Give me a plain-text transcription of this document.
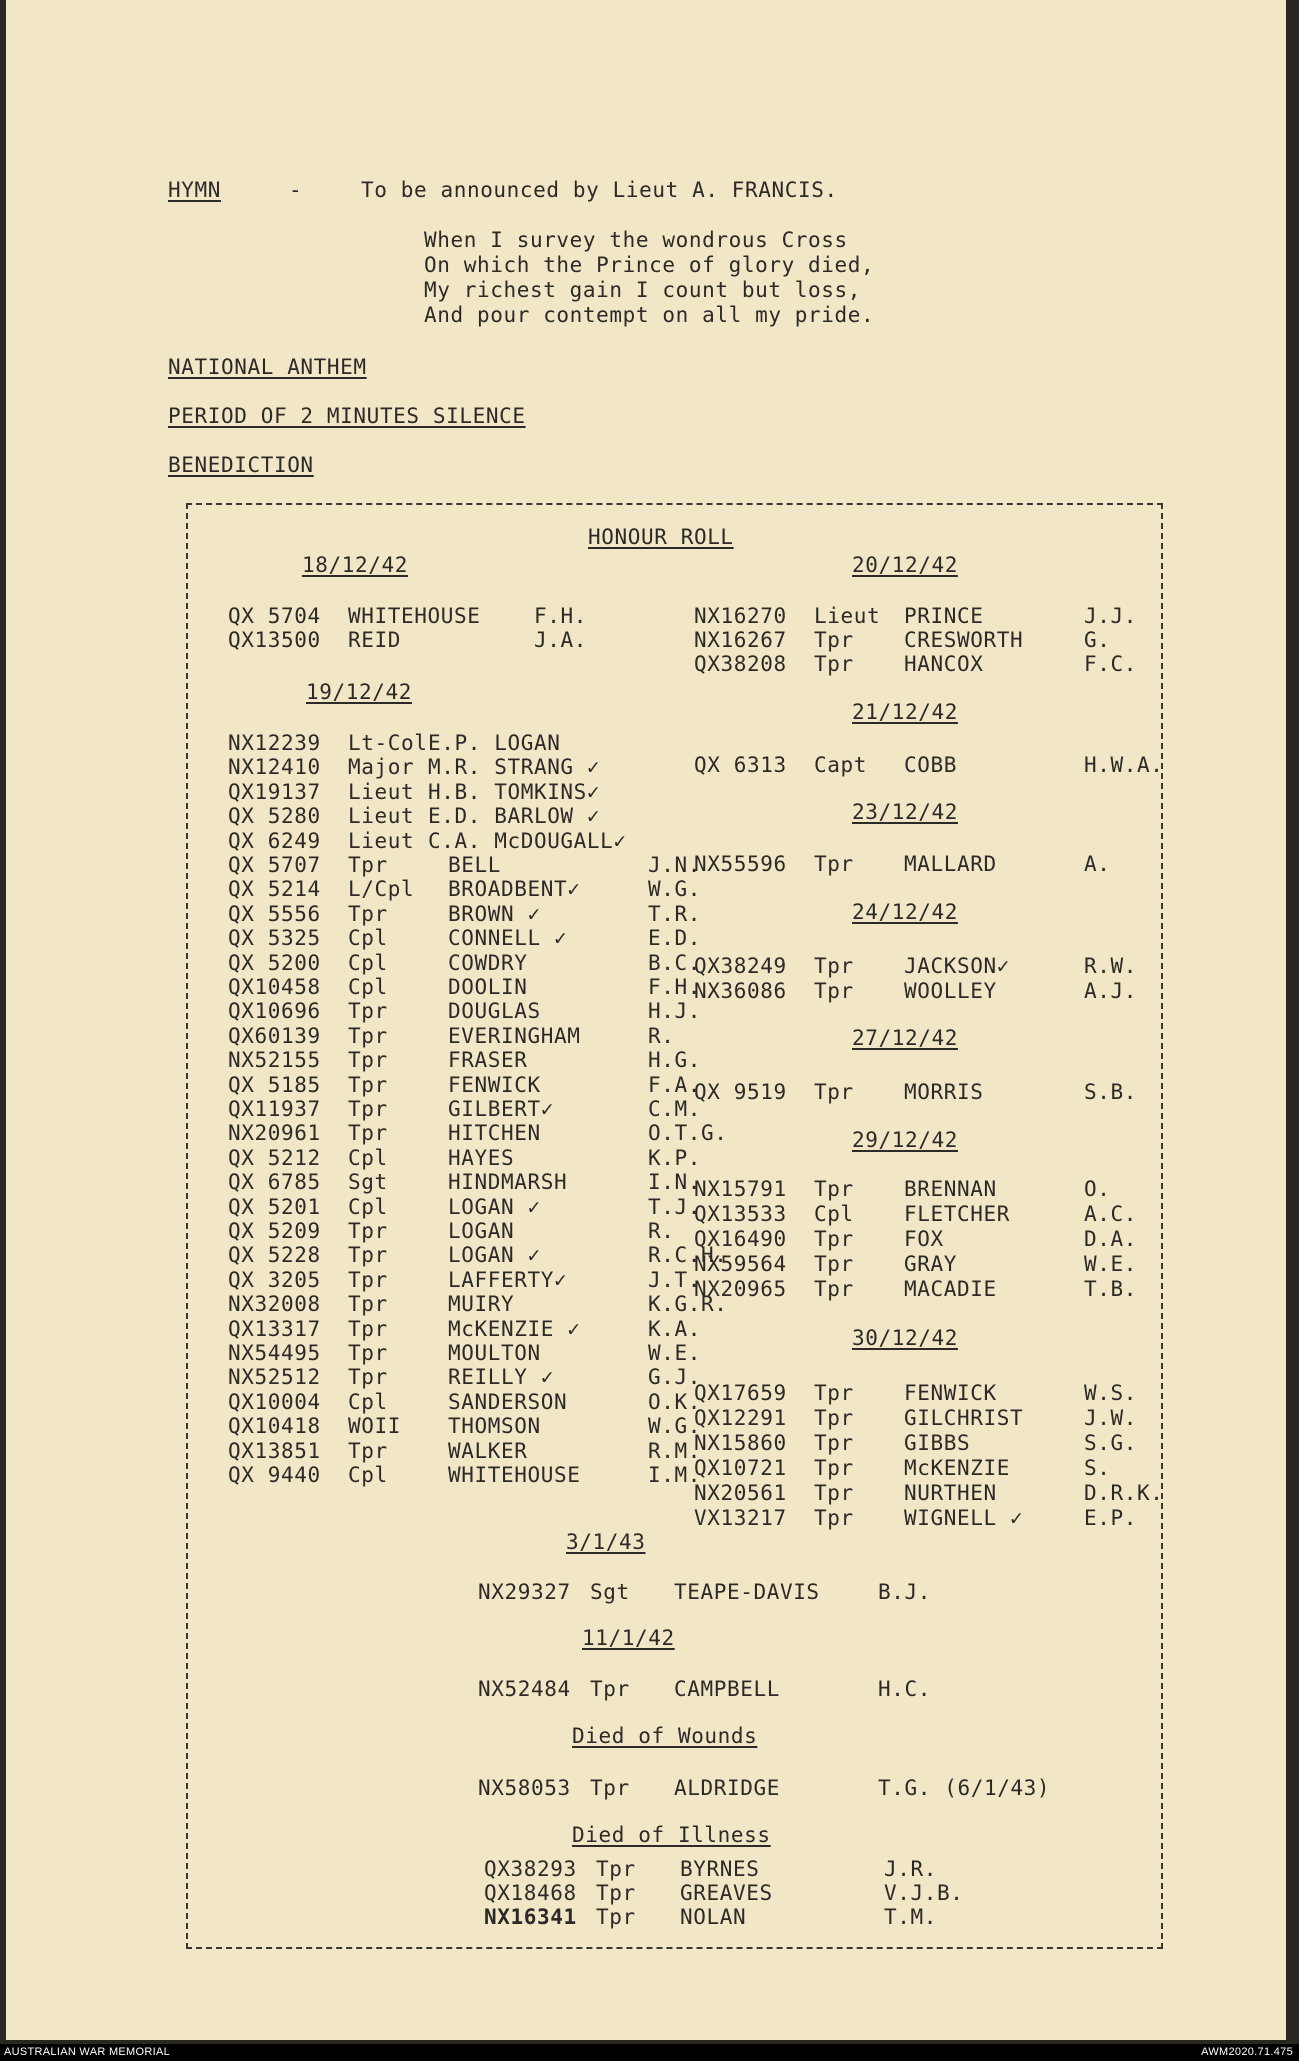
HYMN	-	To be announced by Lieut A. FRANCIS.
When I survey the wondrous Cross
On which the Prince of glory died,
My richest gain I count but loss,
And pour contempt on all my pride.
NATIONAL ANTHEM
PERIOD OF 2 MINUTES SILENCE
BENEDICTION
HONOUR ROLL
18/12/42
QX 5704 WHITEHOUSE	F.H.
QX13500 REID	J.A.
19/12/42
NX12239 Lt-Col E.P. LOGAN
NX12410 Major M.R. STRANG ✓
QX19137 Lieut H.B. TOMKINS✓
QX 5280 Lieut E.D. BARLOW ✓
QX 6249 Lieut C.A. McDOUGALL✓
QX 5707 Tpr	BELL	J.N.
QX 5214 L/Cpl BROADBENT✓	W.G.
QX 5556 Tpr	BROWN ✓	T.R.
QX 5325 Cpl	CONNELL ✓	E.D.
QX 5200 Cpl	COWDRY	B.C.
QX10458 Cpl	DOOLIN	F.H.
QX10696 Tpr	DOUGLAS	H.J.
QX60139 Tpr	EVERINGHAM	R.
NX52155 Tpr	FRASER	H.G.
QX 5185 Tpr	FENWICK	F.A.
QX11937 Tpr	GILBERT✓	C.M.
NX20961 Tpr	HITCHEN	O.T.G.
QX 5212 Cpl	HAYES	K.P.
QX 6785 Sgt	HINDMARSH	I.N.
QX 5201 Cpl	LOGAN ✓	T.J.
QX 5209 Tpr	LOGAN	R.
QX 5228 Tpr	LOGAN ✓	R.C.H.
QX 3205 Tpr	LAFFERTY✓	J.T.
NX32008 Tpr	MUIRY	K.G.R.
QX13317 Tpr	McKENZIE ✓	K.A.
NX54495 Tpr	MOULTON	W.E.
NX52512 Tpr	REILLY ✓	G.J.
QX10004 Cpl	SANDERSON	O.K.
QX10418 WOII THOMSON	W.G.
QX13851 Tpr	WALKER	R.M.
QX 9440 Cpl	WHITEHOUSE	I.M.
20/12/42
NX16270 Lieut PRINCE	J.J.
NX16267 Tpr CRESWORTH	G.
QX38208 Tpr HANCOX	F.C.
21/12/42
QX 6313 Capt COBB	H.W.A.
23/12/42
NX55596 Tpr MALLARD	A.
24/12/42
QX38249 Tpr JACKSON✓	R.W.
NX36086 Tpr WOOLLEY	A.J.
27/12/42
QX 9519 Tpr MORRIS	S.B.
29/12/42
NX15791 Tpr BRENNAN	O.
QX13533 Cpl FLETCHER	A.C.
QX16490 Tpr FOX	D.A.
NX59564 Tpr GRAY	W.E.
NX20965 Tpr MACADIE	T.B.
30/12/42
QX17659 Tpr FENWICK	W.S.
QX12291 Tpr GILCHRIST	J.W.
NX15860 Tpr GIBBS	S.G.
QX10721 Tpr McKENZIE	S.
NX20561 Tpr NURTHEN	D.R.K.
VX13217 Tpr WIGNELL ✓	E.P.
3/1/43
NX29327 Sgt TEAPE-DAVIS	B.J.
11/1/42
NX52484 Tpr CAMPBELL	H.C.
Died of Wounds
NX58053 Tpr ALDRIDGE	T.G. (6/1/43)
Died of Illness
QX38293 Tpr BYRNES	J.R.
QX18468 Tpr GREAVES	V.J.B.
NX16341 Tpr NOLAN	T.M.
AUSTRALIAN WAR MEMORIAL	AWM2020.71.475
